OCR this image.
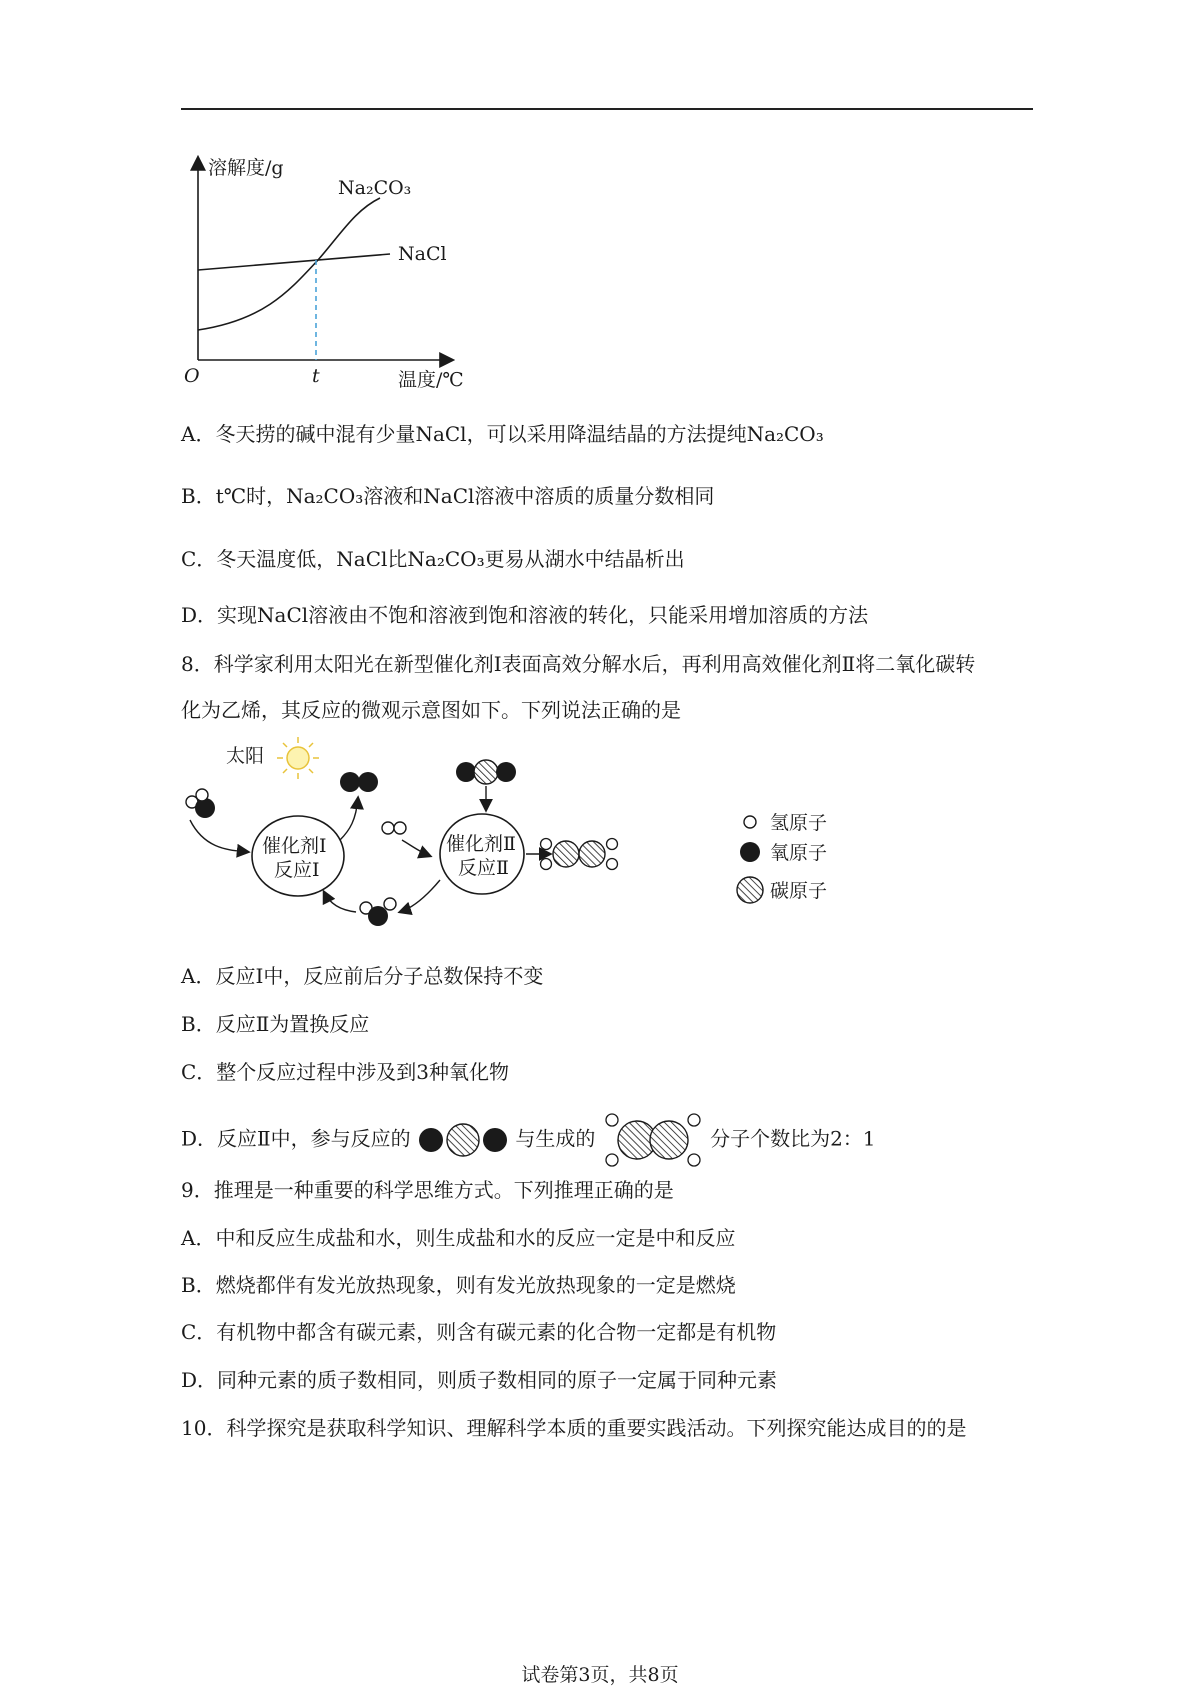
溶解度/g
温度/℃
O	t
Na₂CO₃
NaCl
A．冬天捞的碱中混有少量NaCl，可以采用降温结晶的方法提纯Na₂CO₃
B．t℃时，Na₂CO₃溶液和NaCl溶液中溶质的质量分数相同
C．冬天温度低，NaCl比Na₂CO₃更易从湖水中结晶析出
D．实现NaCl溶液由不饱和溶液到饱和溶液的转化，只能采用增加溶质的方法
8．科学家利用太阳光在新型催化剂Ⅰ表面高效分解水后，再利用高效催化剂Ⅱ将二氧化碳转
化为乙烯，其反应的微观示意图如下。下列说法正确的是
太阳
催化剂Ⅰ
反应Ⅰ
催化剂Ⅱ
反应Ⅱ
氢原子
氧原子
碳原子
A．反应Ⅰ中，反应前后分子总数保持不变
B．反应Ⅱ为置换反应
C．整个反应过程中涉及到3种氧化物
D．反应Ⅱ中，参与反应的	与生成的	分子个数比为2：1
9．推理是一种重要的科学思维方式。下列推理正确的是
A．中和反应生成盐和水，则生成盐和水的反应一定是中和反应
B．燃烧都伴有发光放热现象，则有发光放热现象的一定是燃烧
C．有机物中都含有碳元素，则含有碳元素的化合物一定都是有机物
D．同种元素的质子数相同，则质子数相同的原子一定属于同种元素
10．科学探究是获取科学知识、理解科学本质的重要实践活动。下列探究能达成目的的是
试卷第3页，共8页
